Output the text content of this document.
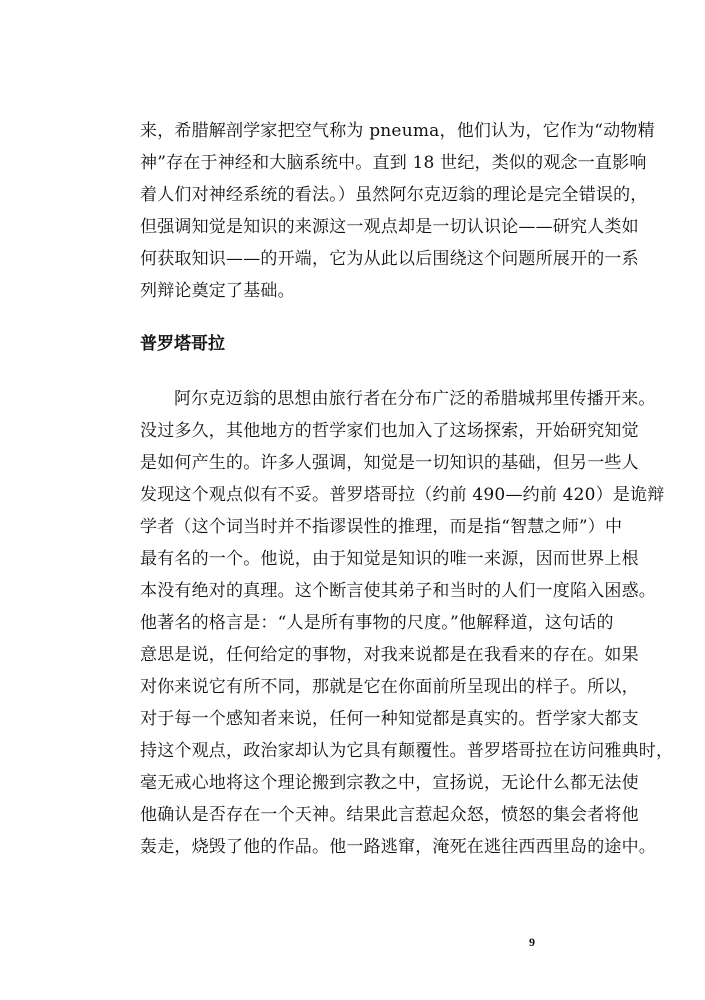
来，希腊解剖学家把空气称为 pneuma，他们认为，它作为“动物精
神”存在于神经和大脑系统中。直到 18 世纪，类似的观念一直影响
着人们对神经系统的看法。）虽然阿尔克迈翁的理论是完全错误的，
但强调知觉是知识的来源这一观点却是一切认识论——研究人类如
何获取知识——的开端，它为从此以后围绕这个问题所展开的一系
列辩论奠定了基础。

普罗塔哥拉

阿尔克迈翁的思想由旅行者在分布广泛的希腊城邦里传播开来。
没过多久，其他地方的哲学家们也加入了这场探索，开始研究知觉
是如何产生的。许多人强调，知觉是一切知识的基础，但另一些人
发现这个观点似有不妥。普罗塔哥拉（约前 490—约前 420）是诡辩
学者（这个词当时并不指谬误性的推理，而是指“智慧之师”）中
最有名的一个。他说，由于知觉是知识的唯一来源，因而世界上根
本没有绝对的真理。这个断言使其弟子和当时的人们一度陷入困惑。
他著名的格言是：“人是所有事物的尺度。”他解释道，这句话的
意思是说，任何给定的事物，对我来说都是在我看来的存在。如果
对你来说它有所不同，那就是它在你面前所呈现出的样子。所以，
对于每一个感知者来说，任何一种知觉都是真实的。哲学家大都支
持这个观点，政治家却认为它具有颠覆性。普罗塔哥拉在访问雅典时，
毫无戒心地将这个理论搬到宗教之中，宣扬说，无论什么都无法使
他确认是否存在一个天神。结果此言惹起众怒，愤怒的集会者将他
轰走，烧毁了他的作品。他一路逃窜，淹死在逃往西西里岛的途中。

9
